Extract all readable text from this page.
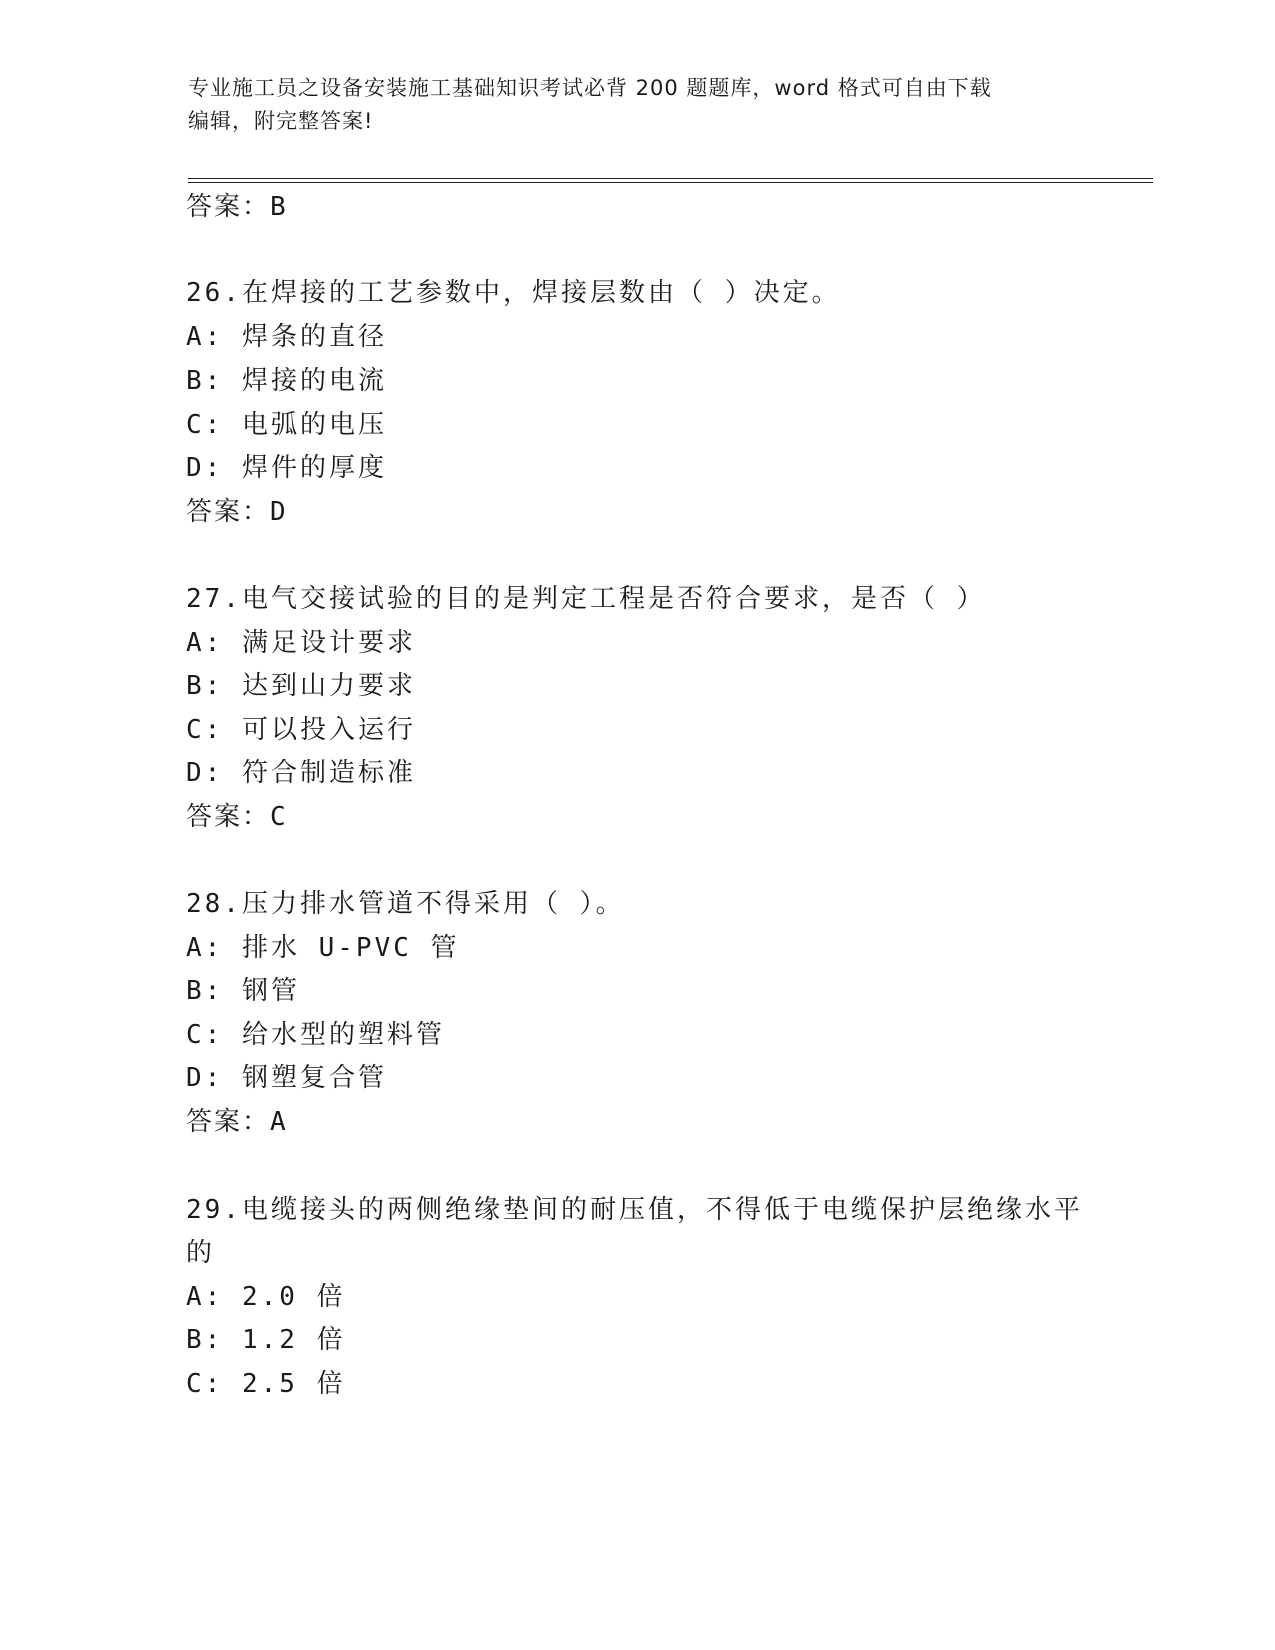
专业施工员之设备安装施工基础知识考试必背 200 题题库，word 格式可自由下载
编辑，附完整答案!
答案：B
26.在焊接的工艺参数中，焊接层数由（ ）决定。
A: 焊条的直径
B: 焊接的电流
C: 电弧的电压
D: 焊件的厚度
答案：D
27.电气交接试验的目的是判定工程是否符合要求，是否（ ）
A: 满足设计要求
B: 达到山力要求
C: 可以投入运行
D: 符合制造标准
答案：C
28.压力排水管道不得采用（ ）。
A: 排水 U-PVC 管
B: 钢管
C: 给水型的塑料管
D: 钢塑复合管
答案：A
29.电缆接头的两侧绝缘垫间的耐压值，不得低于电缆保护层绝缘水平
的
A: 2.0 倍
B: 1.2 倍
C: 2.5 倍
